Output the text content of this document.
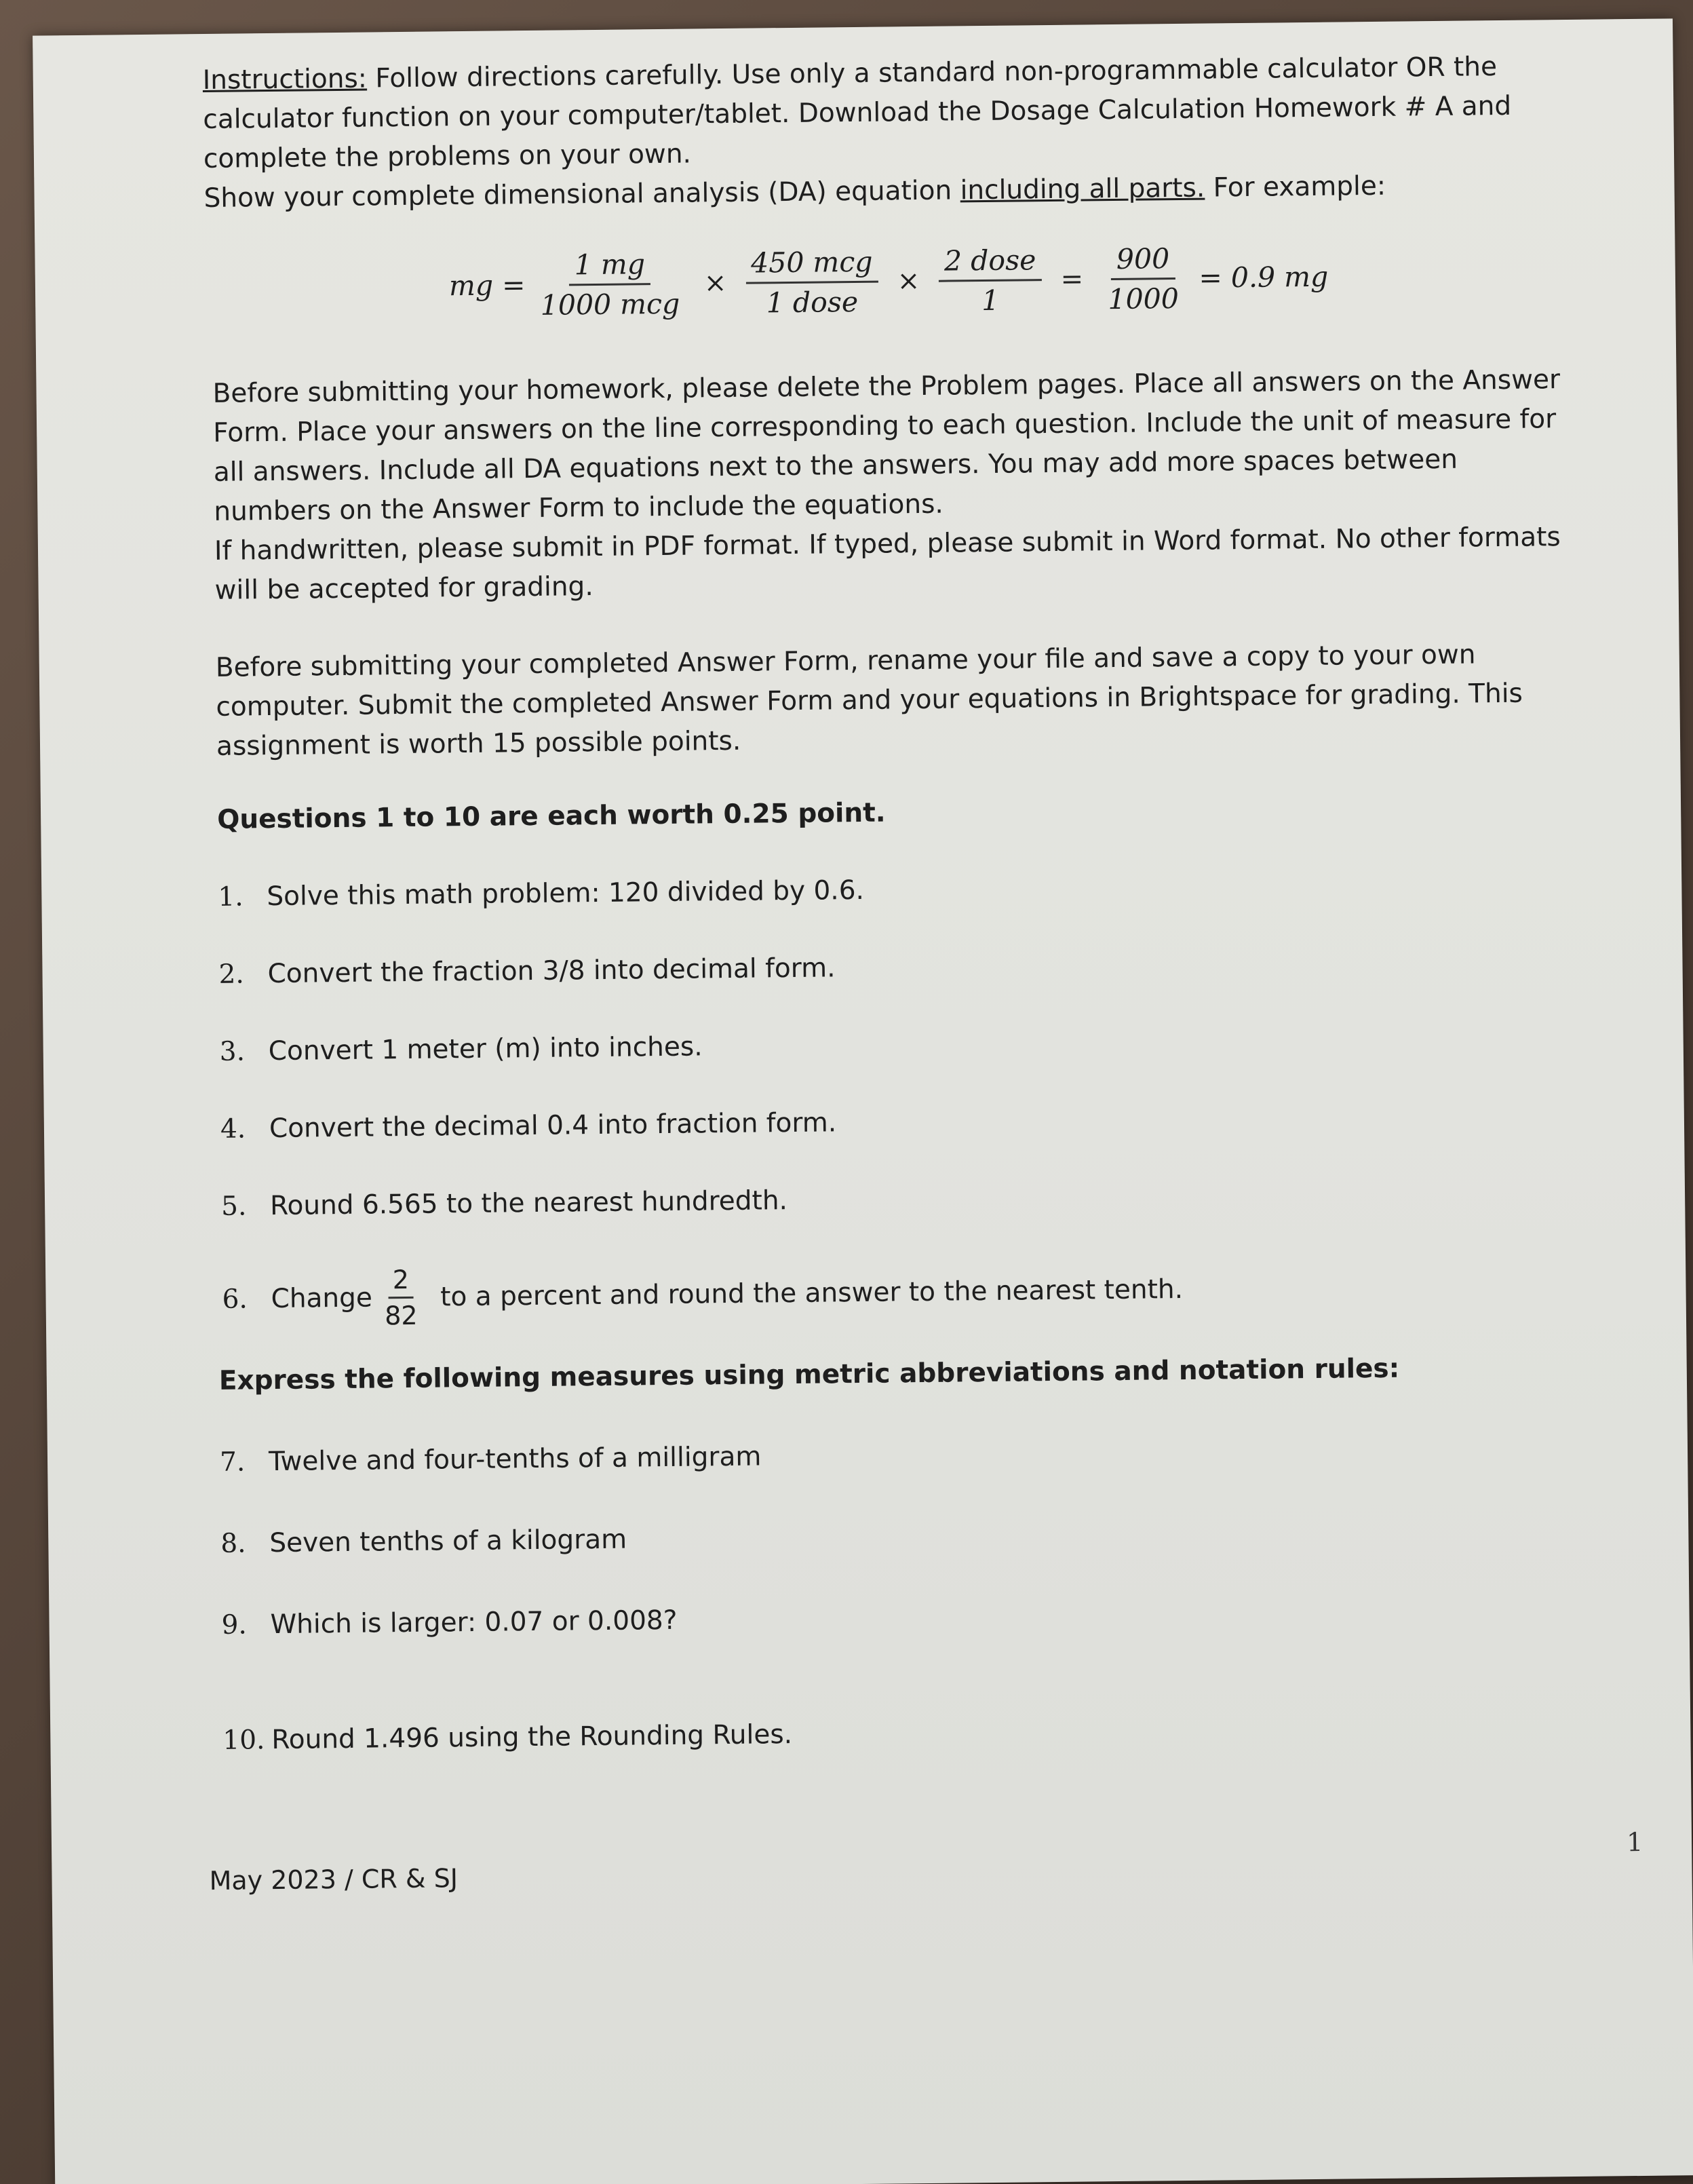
Instructions: Follow directions carefully. Use only a standard non-programmable calculator OR the calculator function on your computer/tablet. Download the Dosage Calculation Homework # A and complete the problems on your own.

Show your complete dimensional analysis (DA) equation including all parts. For example:

mg = $\frac{1 mg}{\text{1000 mcg}} \times \frac{\text{450 mcg}}{\text{1 dose}} \times \frac{\text{2 dose}}{1} = \frac{900}{1000} = 0.9$ mg

Before submitting your homework, please delete the Problem pages. Place all answers on the Answer Form. Place your answers on the line corresponding to each question. Include the unit of measure for all answers. Include all DA equations next to the answers. You may add more spaces between numbers on the Answer Form to include the equations.

If handwritten, please submit in PDF format. If typed, please submit in Word format. No other formats will be accepted for grading.

Before submitting your completed Answer Form, rename your file and save a copy to your own computer. Submit the completed Answer Form and your equations in Brightspace for grading. This assignment is worth 15 possible points.

Questions 1 to 10 are each worth 0.25 point.

1. Solve this math problem: 120 divided by 0.6.
2. Convert the fraction 3/8 into decimal form.
3. Convert 1 meter (m) into inches.
4. Convert the decimal 0.4 into fraction form.
5. Round 6.565 to the nearest hundredth.
6. Change $\frac{2}{82}$ to a percent and round the answer to the nearest tenth.

Express the following measures using metric abbreviations and notation rules:

7. Twelve and four-tenths of a milligram
8. Seven tenths of a kilogram
9. Which is larger: 0.07 or 0.008?
10. Round 1.496 using the Rounding Rules.
May 2023 / CR & SJ
1
